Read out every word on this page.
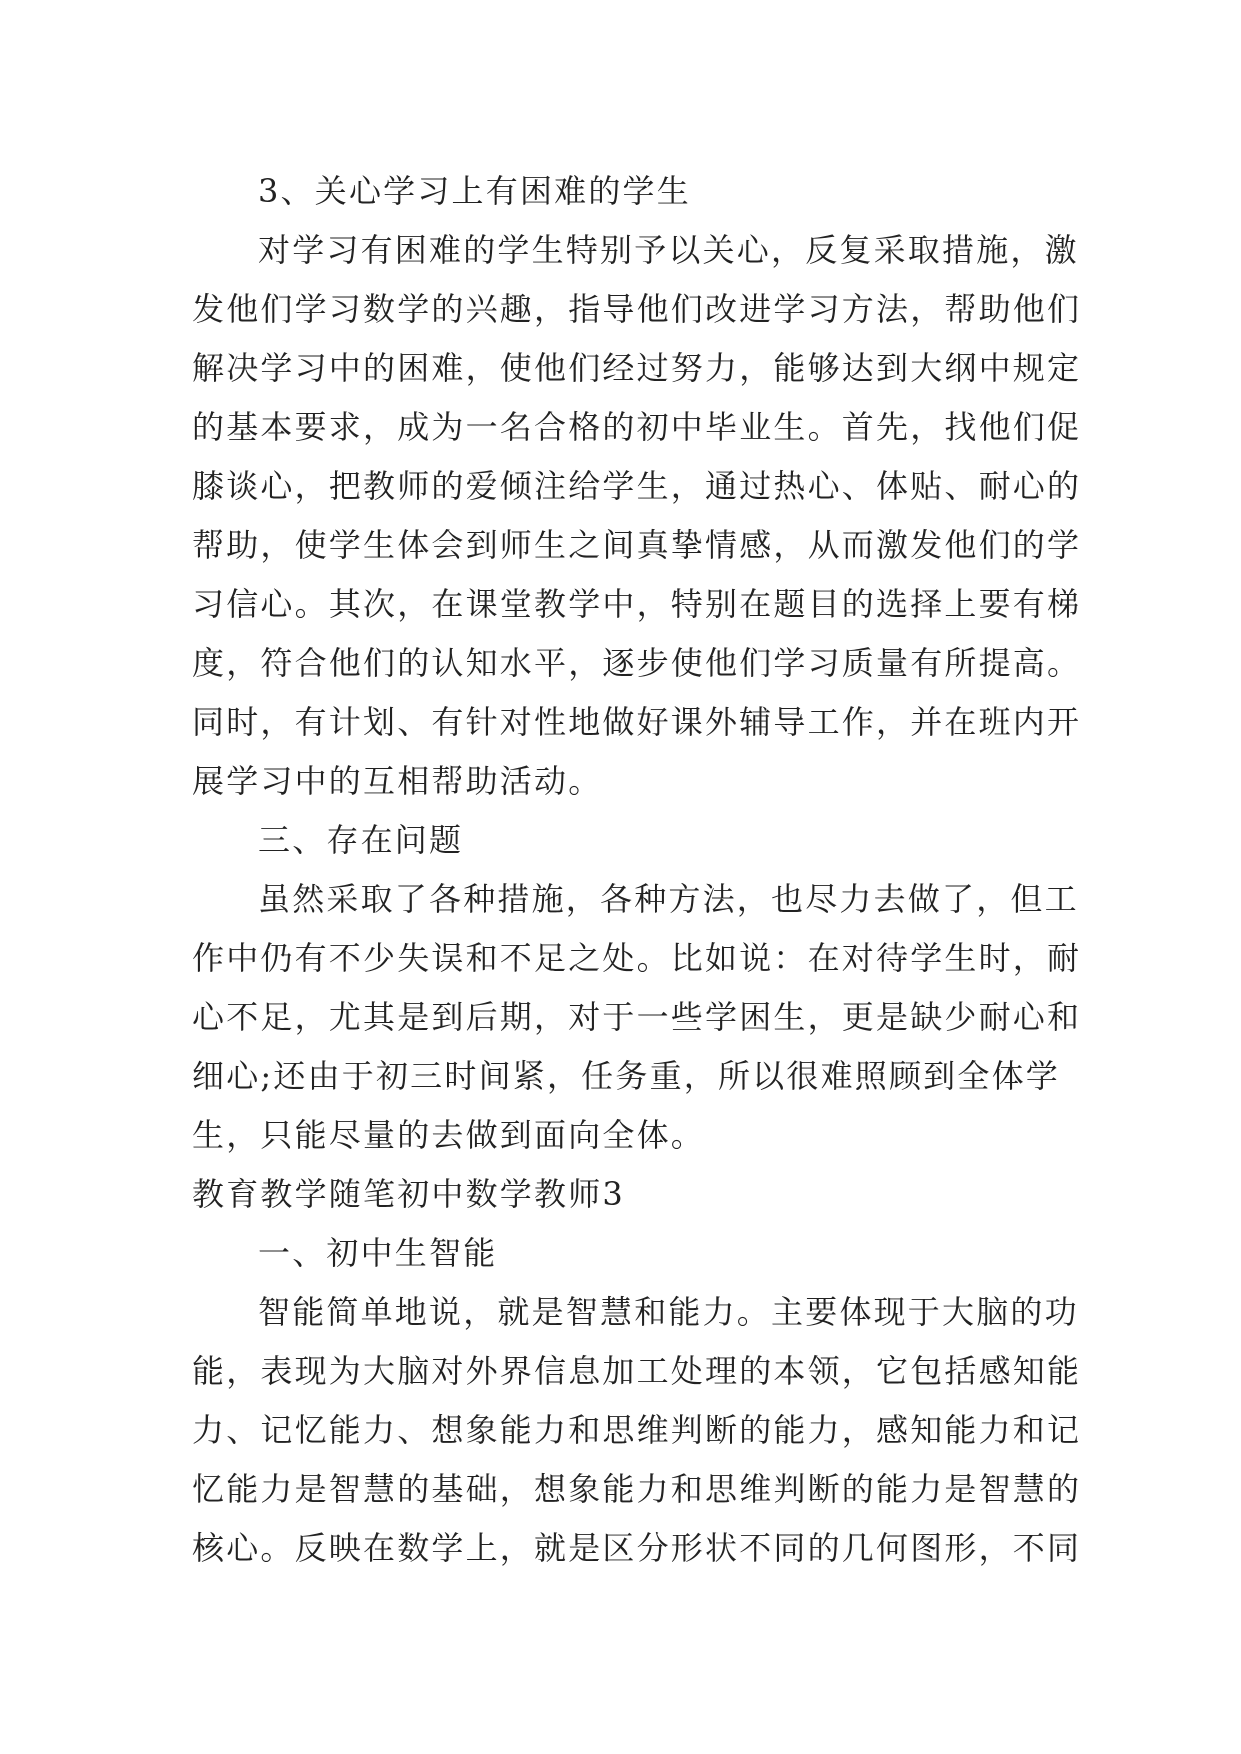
3、关心学习上有困难的学生
对学习有困难的学生特别予以关心，反复采取措施，激
发他们学习数学的兴趣，指导他们改进学习方法，帮助他们
解决学习中的困难，使他们经过努力，能够达到大纲中规定
的基本要求，成为一名合格的初中毕业生。首先，找他们促
膝谈心，把教师的爱倾注给学生，通过热心、体贴、耐心的
帮助，使学生体会到师生之间真挚情感，从而激发他们的学
习信心。其次，在课堂教学中，特别在题目的选择上要有梯
度，符合他们的认知水平，逐步使他们学习质量有所提高。
同时，有计划、有针对性地做好课外辅导工作，并在班内开
展学习中的互相帮助活动。
三、存在问题
虽然采取了各种措施，各种方法，也尽力去做了，但工
作中仍有不少失误和不足之处。比如说：在对待学生时，耐
心不足，尤其是到后期，对于一些学困生，更是缺少耐心和
细心;还由于初三时间紧，任务重，所以很难照顾到全体学
生，只能尽量的去做到面向全体。
教育教学随笔初中数学教师3
一、初中生智能
智能简单地说，就是智慧和能力。主要体现于大脑的功
能，表现为大脑对外界信息加工处理的本领，它包括感知能
力、记忆能力、想象能力和思维判断的能力，感知能力和记
忆能力是智慧的基础，想象能力和思维判断的能力是智慧的
核心。反映在数学上，就是区分形状不同的几何图形，不同
